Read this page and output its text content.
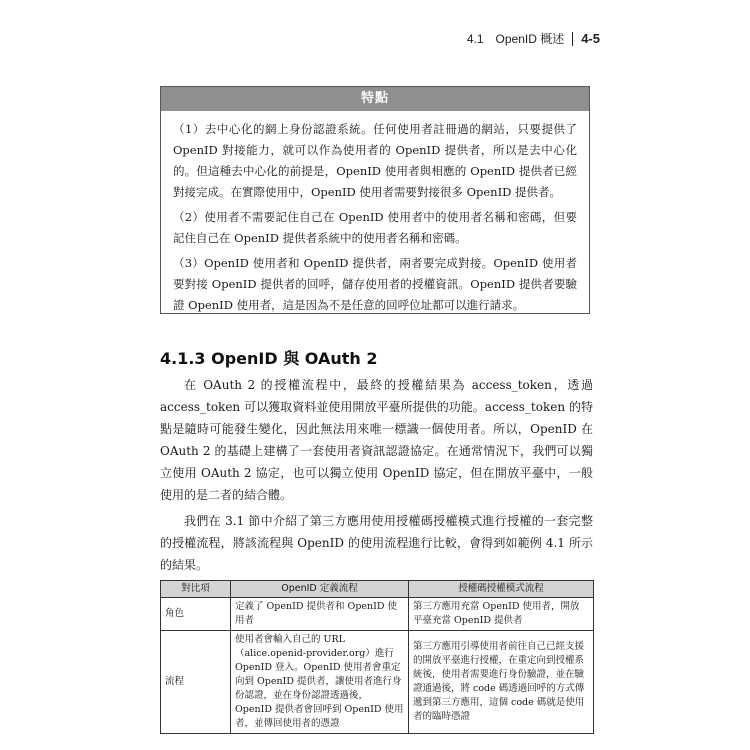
4.1　OpenID 概述 4-5
特點

（1）去中心化的網上身份認證系統。任何使用者註冊過的網站，只要提供了 OpenID 對接能力，就可以作為使用者的 OpenID 提供者，所以是去中心化的。但這種去中心化的前提是，OpenID 使用者與相應的 OpenID 提供者已經對接完成。在實際使用中，OpenID 使用者需要對接很多 OpenID 提供者。

（2）使用者不需要記住自己在 OpenID 使用者中的使用者名稱和密碼，但要記住自己在 OpenID 提供者系統中的使用者名稱和密碼。

（3）OpenID 使用者和 OpenID 提供者，兩者要完成對接。OpenID 使用者要對接 OpenID 提供者的回呼，儲存使用者的授權資訊。OpenID 提供者要驗證 OpenID 使用者，這是因為不是任意的回呼位址都可以進行請求。

4.1.3 OpenID 與 OAuth 2
在 OAuth 2 的授權流程中，最終的授權結果為 access_token，透過 access_token 可以獲取資料並使用開放平臺所提供的功能。access_token 的特點是隨時可能發生變化，因此無法用來唯一標識一個使用者。所以，OpenID 在 OAuth 2 的基礎上建構了一套使用者資訊認證協定。在通常情況下，我們可以獨立使用 OAuth 2 協定，也可以獨立使用 OpenID 協定，但在開放平臺中，一般使用的是二者的結合體。
我們在 3.1 節中介紹了第三方應用使用授權碼授權模式進行授權的一套完整的授權流程，將該流程與 OpenID 的使用流程進行比較，會得到如範例 4.1 所示的結果。
對比項	OpenID 定義流程	授權碼授權模式流程
角色	定義了 OpenID 提供者和 OpenID 使用者	第三方應用充當 OpenID 使用者，開放平臺充當 OpenID 提供者
流程	使用者會輸入自己的 URL（alice.openid-provider.org）進行 OpenID 登入。OpenID 使用者會重定向到 OpenID 提供者，讓使用者進行身份認證，並在身份認證透過後，OpenID 提供者會回呼到 OpenID 使用者，並傳回使用者的憑證	第三方應用引導使用者前往自己已經支援的開放平臺進行授權，在重定向到授權系統後，使用者需要進行身份驗證，並在驗證通過後，將 code 碼透過回呼的方式傳遞到第三方應用，這個 code 碼就是使用者的臨時憑證
